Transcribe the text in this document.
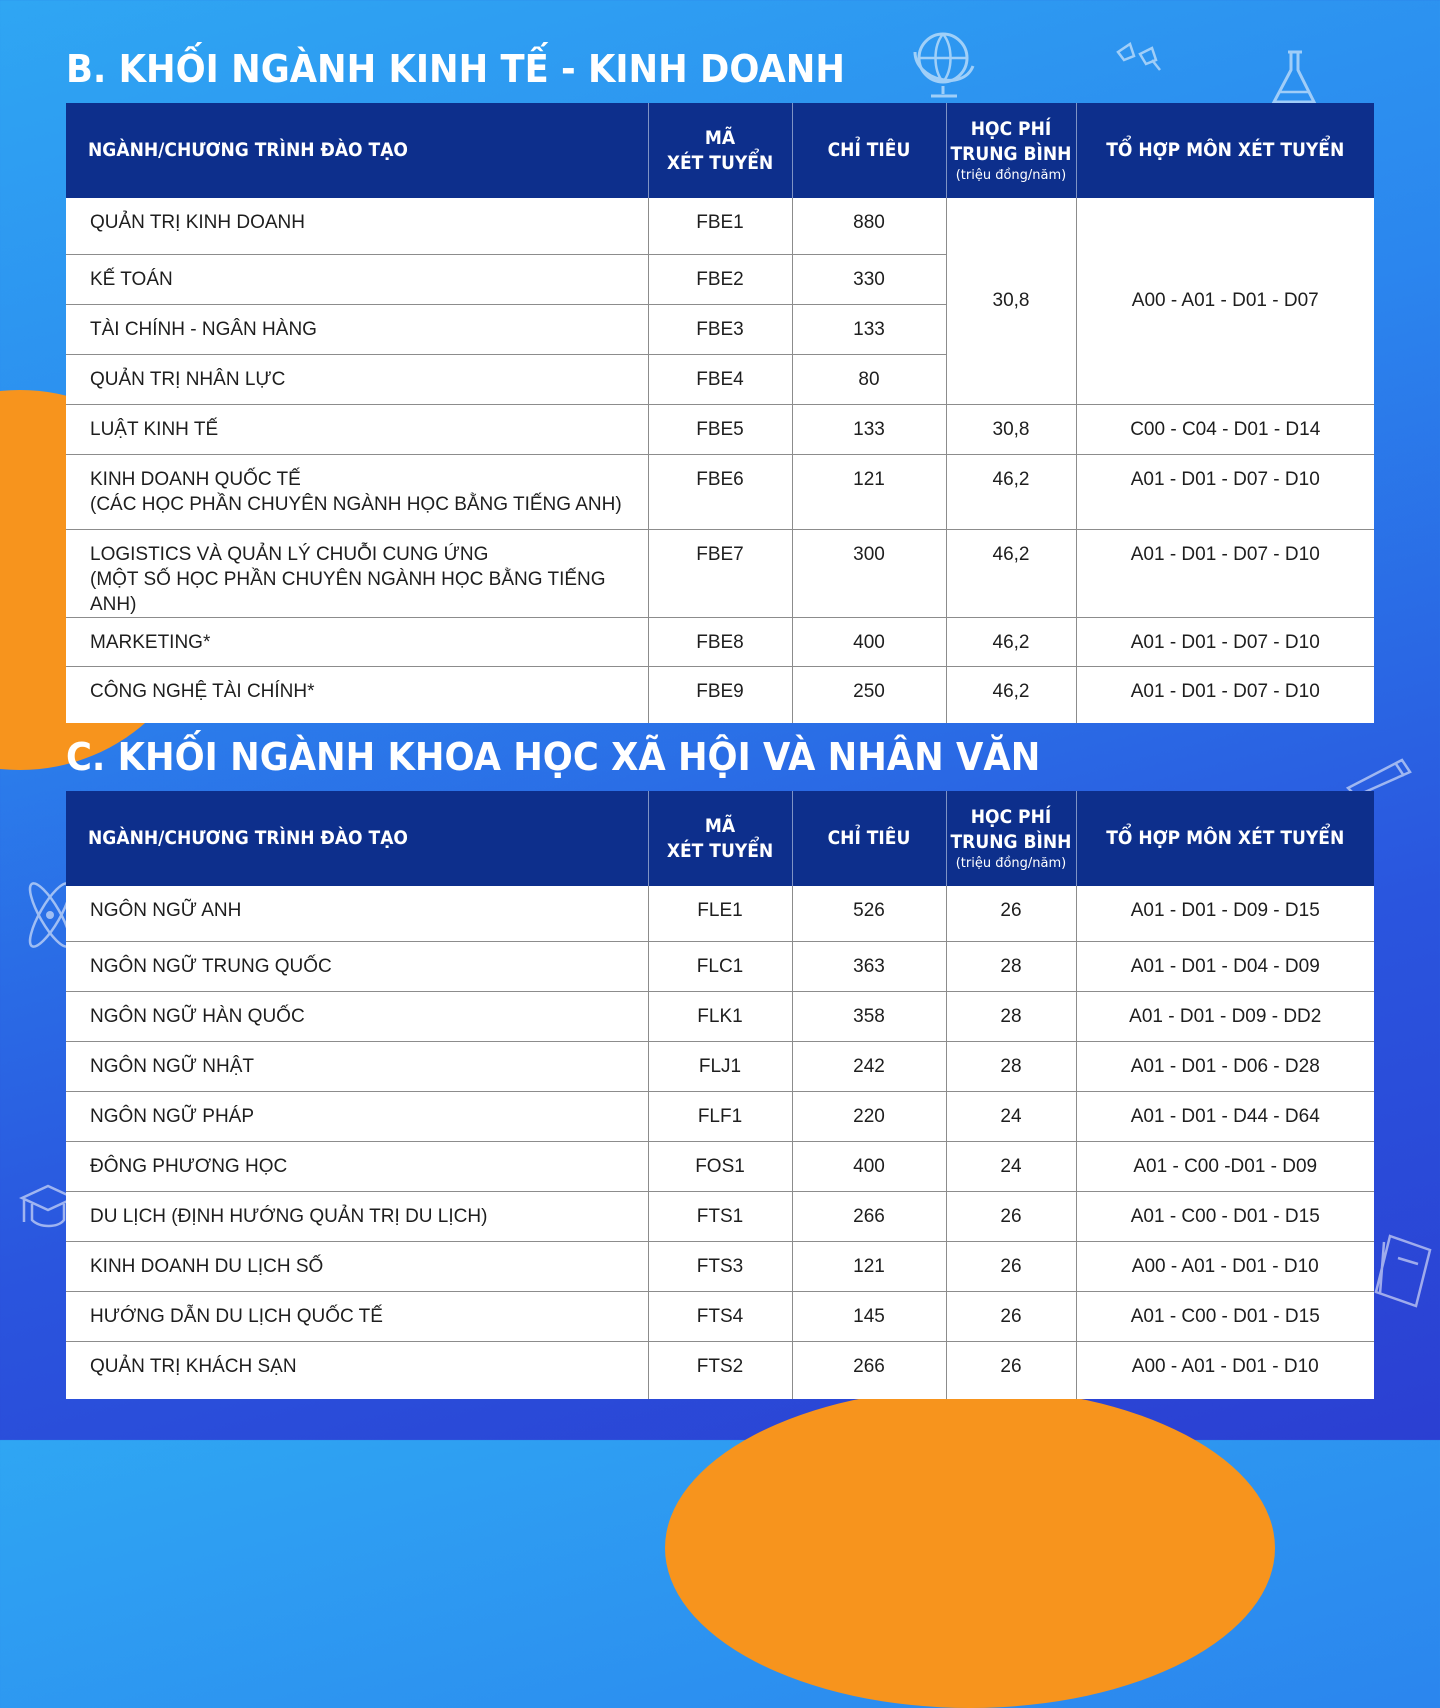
B. KHỐI NGÀNH KINH TẾ - KINH DOANH
NGÀNH/CHƯƠNG TRÌNH ĐÀO TẠO	MÃ
XÉT TUYỂN	CHỈ TIÊU	HỌC PHÍ
TRUNG BÌNH
(triệu đồng/năm)	TỔ HỢP MÔN XÉT TUYỂN
QUẢN TRỊ KINH DOANH	FBE1	880	30,8	A00 - A01 - D01 - D07
KẾ TOÁN	FBE2	330		
TÀI CHÍNH - NGÂN HÀNG	FBE3	133		
QUẢN TRỊ NHÂN LỰC	FBE4	80		
LUẬT KINH TẾ	FBE5	133	30,8	C00 - C04 - D01 - D14

KINH DOANH QUỐC TẾ
(CÁC HỌC PHẦN CHUYÊN NGÀNH HỌC BẰNG TIẾNG ANH)	FBE6	121	46,2	A01 - D01 - D07 - D10

LOGISTICS VÀ QUẢN LÝ CHUỖI CUNG ỨNG
(MỘT SỐ HỌC PHẦN CHUYÊN NGÀNH HỌC BẰNG TIẾNG ANH)	FBE7	300	46,2	A01 - D01 - D07 - D10
MARKETING*	FBE8	400	46,2	A01 - D01 - D07 - D10
CÔNG NGHỆ TÀI CHÍNH*	FBE9	250	46,2	A01 - D01 - D07 - D10
C. KHỐI NGÀNH KHOA HỌC XÃ HỘI VÀ NHÂN VĂN
NGÀNH/CHƯƠNG TRÌNH ĐÀO TẠO	MÃ
XÉT TUYỂN	CHỈ TIÊU	HỌC PHÍ
TRUNG BÌNH
(triệu đồng/năm)	TỔ HỢP MÔN XÉT TUYỂN
NGÔN NGỮ ANH	FLE1	526	26	A01 - D01 - D09 - D15
NGÔN NGỮ TRUNG QUỐC	FLC1	363	28	A01 - D01 - D04 - D09
NGÔN NGỮ HÀN QUỐC	FLK1	358	28	A01 - D01 - D09 - DD2
NGÔN NGỮ NHẬT	FLJ1	242	28	A01 - D01 - D06 - D28
NGÔN NGỮ PHÁP	FLF1	220	24	A01 - D01 - D44 - D64
ĐÔNG PHƯƠNG HỌC	FOS1	400	24	A01 - C00 -D01 - D09
DU LỊCH (ĐỊNH HƯỚNG QUẢN TRỊ DU LỊCH)	FTS1	266	26	A01 - C00 - D01 - D15
KINH DOANH DU LỊCH SỐ	FTS3	121	26	A00 - A01 - D01 - D10
HƯỚNG DẪN DU LỊCH QUỐC TẾ	FTS4	145	26	A01 - C00 - D01 - D15
QUẢN TRỊ KHÁCH SẠN	FTS2	266	26	A00 - A01 - D01 - D10
